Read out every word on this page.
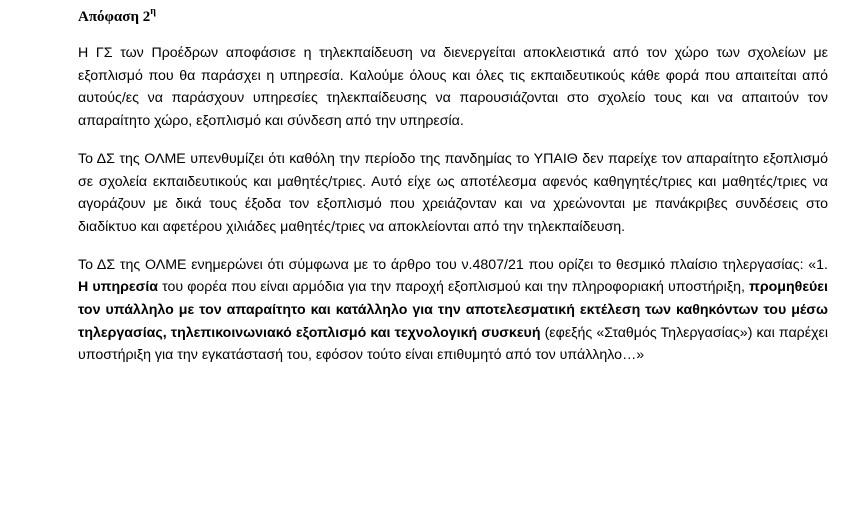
Απόφαση $2^\eta$

Η ΓΣ των Προέδρων αποφάσισε η τηλεκπαίδευση να διενεργείται αποκλειστικά από τον χώρο των σχολείων με εξοπλισμό που θα παράσχει η υπηρεσία. Καλούμε όλους και όλες τις εκπαιδευτικούς κάθε φορά που απαιτείται από αυτούς/ες να παράσχουν υπηρεσίες τηλεκπαίδευσης να παρουσιάζονται στο σχολείο τους και να απαιτούν τον απαραίτητο χώρο, εξοπλισμό και σύνδεση από την υπηρεσία.

Το ΔΣ της ΟΛΜΕ υπενθυμίζει ότι καθόλη την περίοδο της πανδημίας το ΥΠΑΙΘ δεν παρείχε τον απαραίτητο εξοπλισμό σε σχολεία εκπαιδευτικούς και μαθητές/τριες. Αυτό είχε ως αποτέλεσμα αφενός καθηγητές/τριες και μαθητές/τριες να αγοράζουν με δικά τους έξοδα τον εξοπλισμό που χρειάζονταν και να χρεώνονται με πανάκριβες συνδέσεις στο διαδίκτυο και αφετέρου χιλιάδες μαθητές/τριες να αποκλείονται από την τηλεκπαίδευση.

Το ΔΣ της ΟΛΜΕ ενημερώνει ότι σύμφωνα με το άρθρο του ν.4807/21 που ορίζει το θεσμικό πλαίσιο τηλεργασίας: «1. Η υπηρεσία του φορέα που είναι αρμόδια για την παροχή εξοπλισμού και την πληροφοριακή υποστήριξη, προμηθεύει τον υπάλληλο με τον απαραίτητο και κατάλληλο για την αποτελεσματική εκτέλεση των καθηκόντων του μέσω τηλεργασίας, τηλεπικοινωνιακό εξοπλισμό και τεχνολογική συσκευή (εφεξής «Σταθμός Τηλεργασίας») και παρέχει υποστήριξη για την εγκατάστασή του, εφόσον τούτο είναι επιθυμητό από τον υπάλληλο…»
